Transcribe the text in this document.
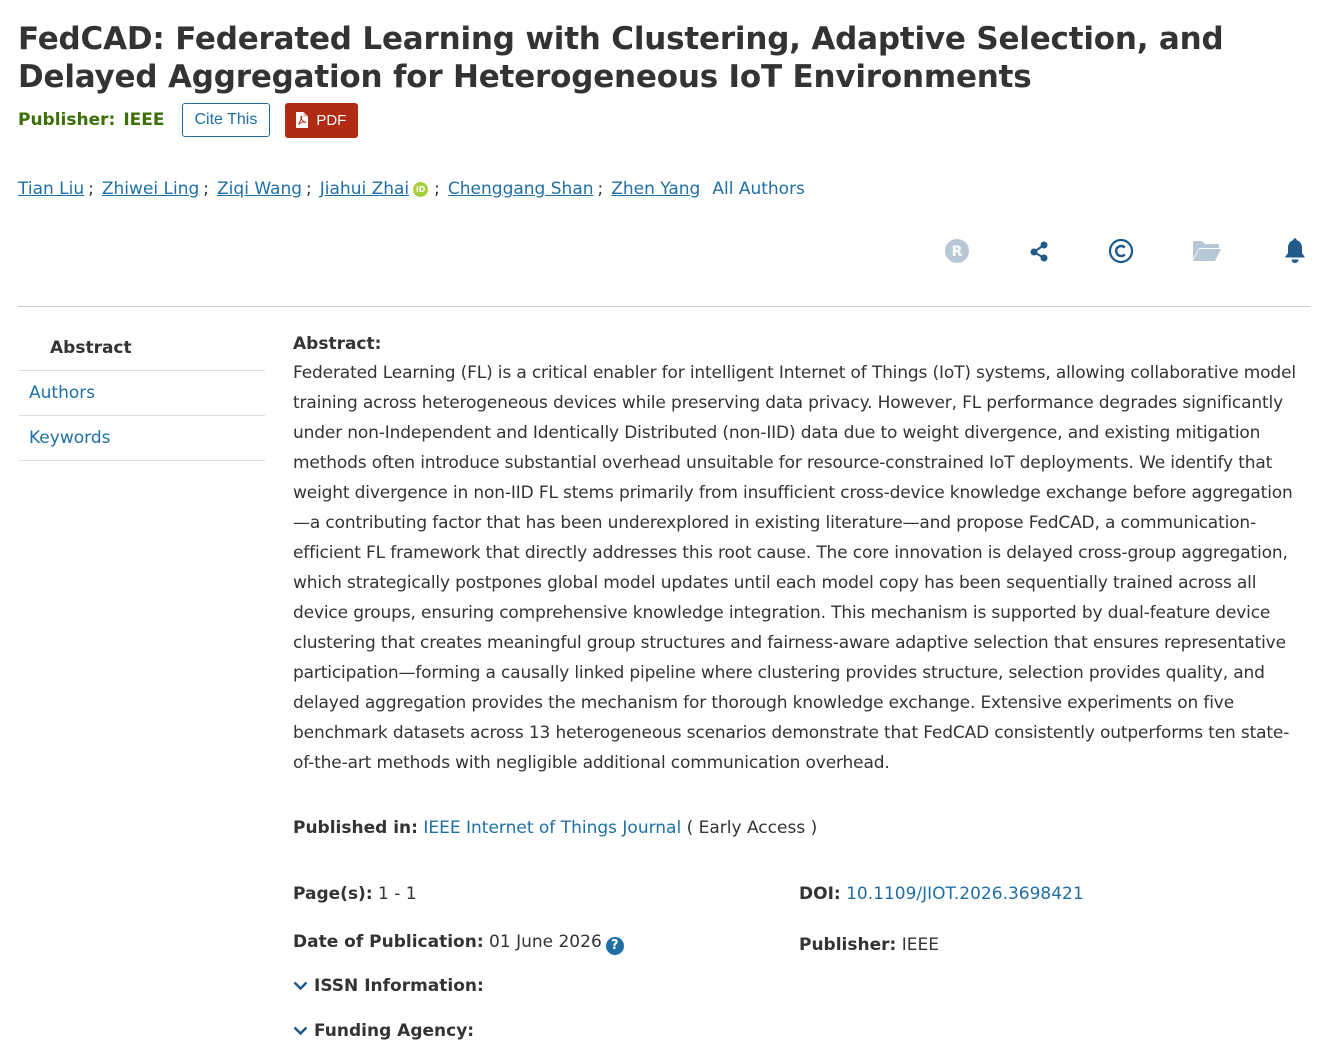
FedCAD: Federated Learning with Clustering, Adaptive Selection, and Delayed Aggregation for Heterogeneous IoT Environments
Publisher: IEEE	Cite This	PDF
Tian Liu ; Zhiwei Ling ; Ziqi Wang ; Jiahui Zhai iD ; Chenggang Shan ; Zhen Yang All Authors
R
Abstract
Authors
Keywords
Abstract:
Federated Learning (FL) is a critical enabler for intelligent Internet of Things (IoT) systems, allowing collaborative model training across heterogeneous devices while preserving data privacy. However, FL performance degrades significantly under non-Independent and Identically Distributed (non-IID) data due to weight divergence, and existing mitigation methods often introduce substantial overhead unsuitable for resource-constrained IoT deployments. We identify that weight divergence in non-IID FL stems primarily from insufficient cross-device knowledge exchange before aggregation—a contributing factor that has been underexplored in existing literature—and propose FedCAD, a communication-efficient FL framework that directly addresses this root cause. The core innovation is delayed cross-group aggregation, which strategically postpones global model updates until each model copy has been sequentially trained across all device groups, ensuring comprehensive knowledge integration. This mechanism is supported by dual-feature device clustering that creates meaningful group structures and fairness-aware adaptive selection that ensures representative participation—forming a causally linked pipeline where clustering provides structure, selection provides quality, and delayed aggregation provides the mechanism for thorough knowledge exchange. Extensive experiments on five benchmark datasets across 13 heterogeneous scenarios demonstrate that FedCAD consistently outperforms ten state-of-the-art methods with negligible additional communication overhead.
Published in: IEEE Internet of Things Journal ( Early Access )
Page(s): 1 - 1	DOI: 10.1109/JIOT.2026.3698421
Date of Publication: 01 June 2026 ?	Publisher: IEEE
ISSN Information:
Funding Agency:
